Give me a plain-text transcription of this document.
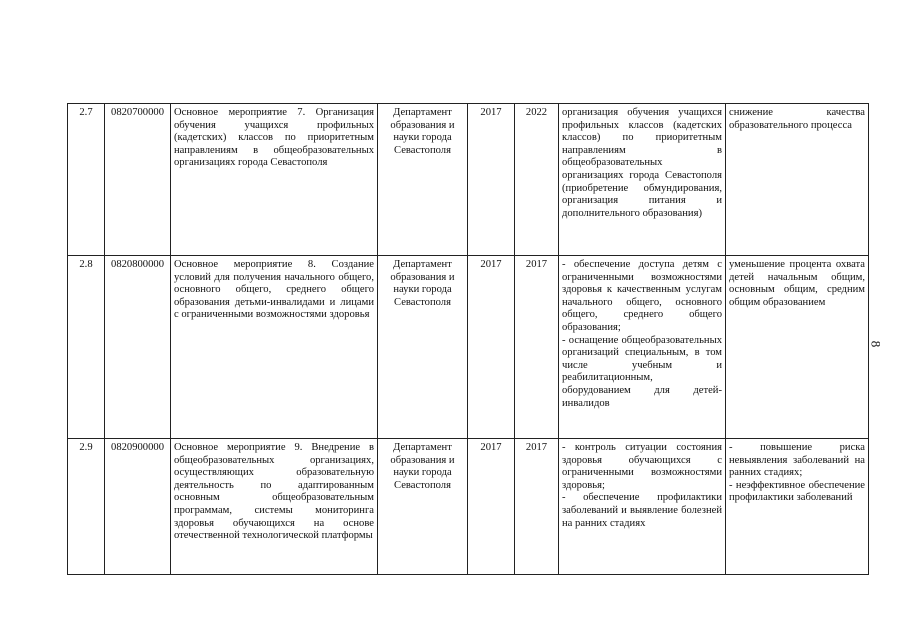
2.7	0820700000	Основное мероприятие 7. Организация обучения учащихся профильных (кадетских) классов по приоритетным направлениям в общеобразовательных организациях города Севастополя	Департамент образования и науки города Севастополя	2017	2022	организация обучения учащихся профильных классов (кадетских классов) по приоритетным направлениям в общеобразовательных организациях города Севастополя (приобретение обмундирования, организация питания и дополнительного образования)	снижение качества образовательного процесса
2.8	0820800000	Основное мероприятие 8. Создание условий для получения начального общего, основного общего, среднего общего образования детьми-инвалидами и лицами с ограниченными возможностями здоровья	Департамент образования и науки города Севастополя	2017	2017	- обеспечение доступа детям с ограниченными возможностями здоровья к качественным услугам начального общего, основного общего, среднего общего образования;
- оснащение общеобразовательных организаций специальным, в том числе учебным и реабилитационным, оборудованием для детей-инвалидов	уменьшение процента охвата детей начальным общим, основным общим, средним общим образованием
2.9	0820900000	Основное мероприятие 9. Внедрение в общеобразовательных организациях, осуществляющих образовательную деятельность по адаптированным основным общеобразовательным программам, системы мониторинга здоровья обучающихся на основе отечественной технологической платформы	Департамент образования и науки города Севастополя	2017	2017	- контроль ситуации состояния здоровья обучающихся с ограниченными возможностями здоровья;
- обеспечение профилактики заболеваний и выявление болезней на ранних стадиях	- повышение риска невыявления заболеваний на ранних стадиях;
- неэффективное обеспечение профилактики заболеваний
8
